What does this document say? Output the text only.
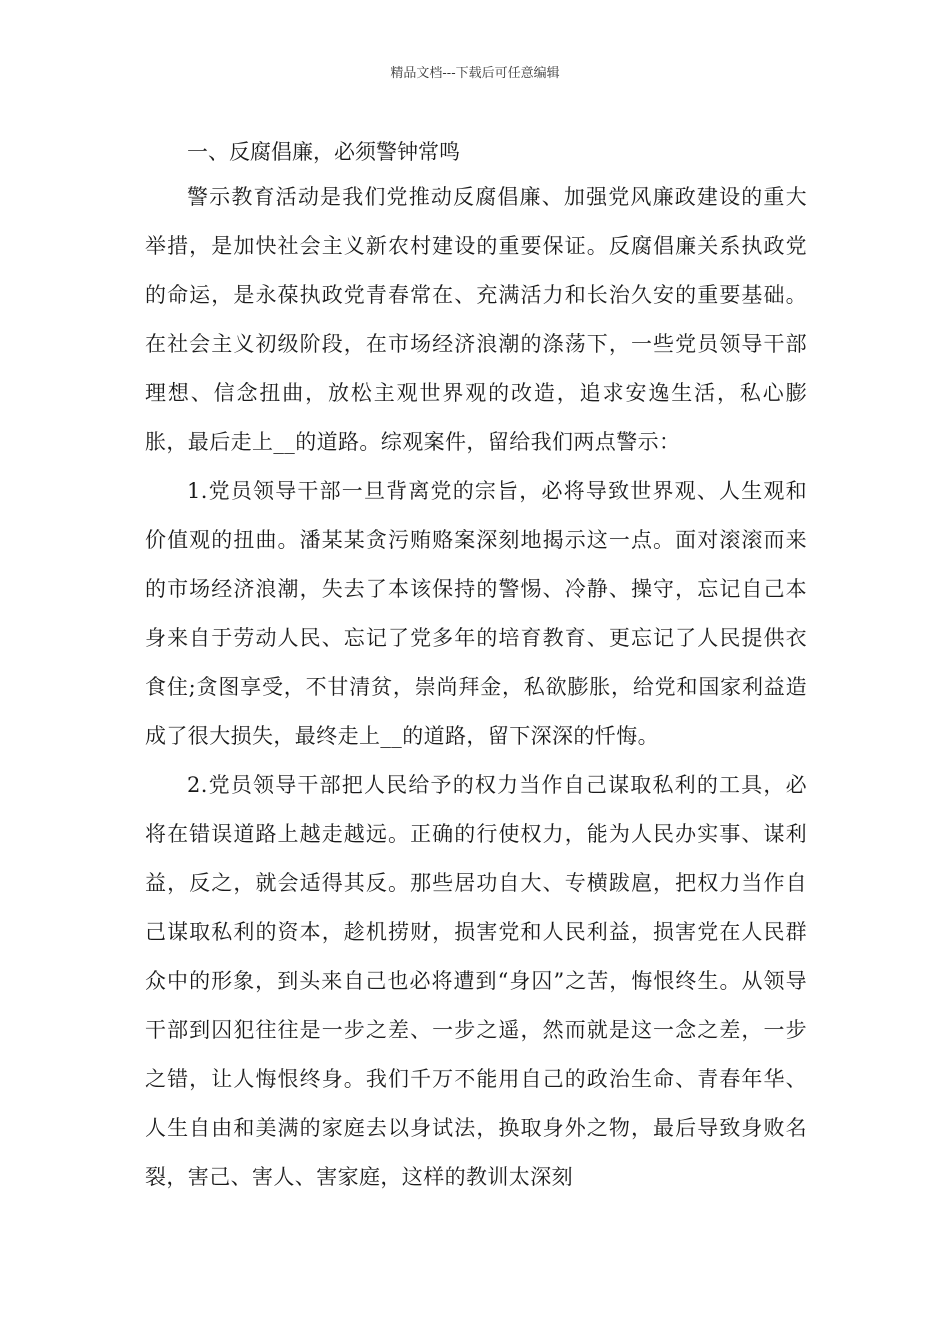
精品文档---下载后可任意编辑
一、反腐倡廉，必须警钟常鸣

警示教育活动是我们党推动反腐倡廉、加强党风廉政建设的重大举措，是加快社会主义新农村建设的重要保证。反腐倡廉关系执政党的命运，是永葆执政党青春常在、充满活力和长治久安的重要基础。在社会主义初级阶段，在市场经济浪潮的涤荡下，一些党员领导干部理想、信念扭曲，放松主观世界观的改造，追求安逸生活，私心膨胀，最后走上__的道路。综观案件，留给我们两点警示：

1.党员领导干部一旦背离党的宗旨，必将导致世界观、人生观和价值观的扭曲。潘某某贪污贿赂案深刻地揭示这一点。面对滚滚而来的市场经济浪潮，失去了本该保持的警惕、冷静、操守，忘记自己本身来自于劳动人民、忘记了党多年的培育教育、更忘记了人民提供衣食住;贪图享受，不甘清贫，崇尚拜金，私欲膨胀，给党和国家利益造成了很大损失，最终走上__的道路，留下深深的忏悔。

2.党员领导干部把人民给予的权力当作自己谋取私利的工具，必将在错误道路上越走越远。正确的行使权力，能为人民办实事、谋利益，反之，就会适得其反。那些居功自大、专横跋扈，把权力当作自己谋取私利的资本，趁机捞财，损害党和人民利益，损害党在人民群众中的形象，到头来自己也必将遭到“身囚”之苦，悔恨终生。从领导干部到囚犯往往是一步之差、一步之遥，然而就是这一念之差，一步之错，让人悔恨终身。我们千万不能用自己的政治生命、青春年华、人生自由和美满的家庭去以身试法，换取身外之物，最后导致身败名裂，害己、害人、害家庭，这样的教训太深刻
